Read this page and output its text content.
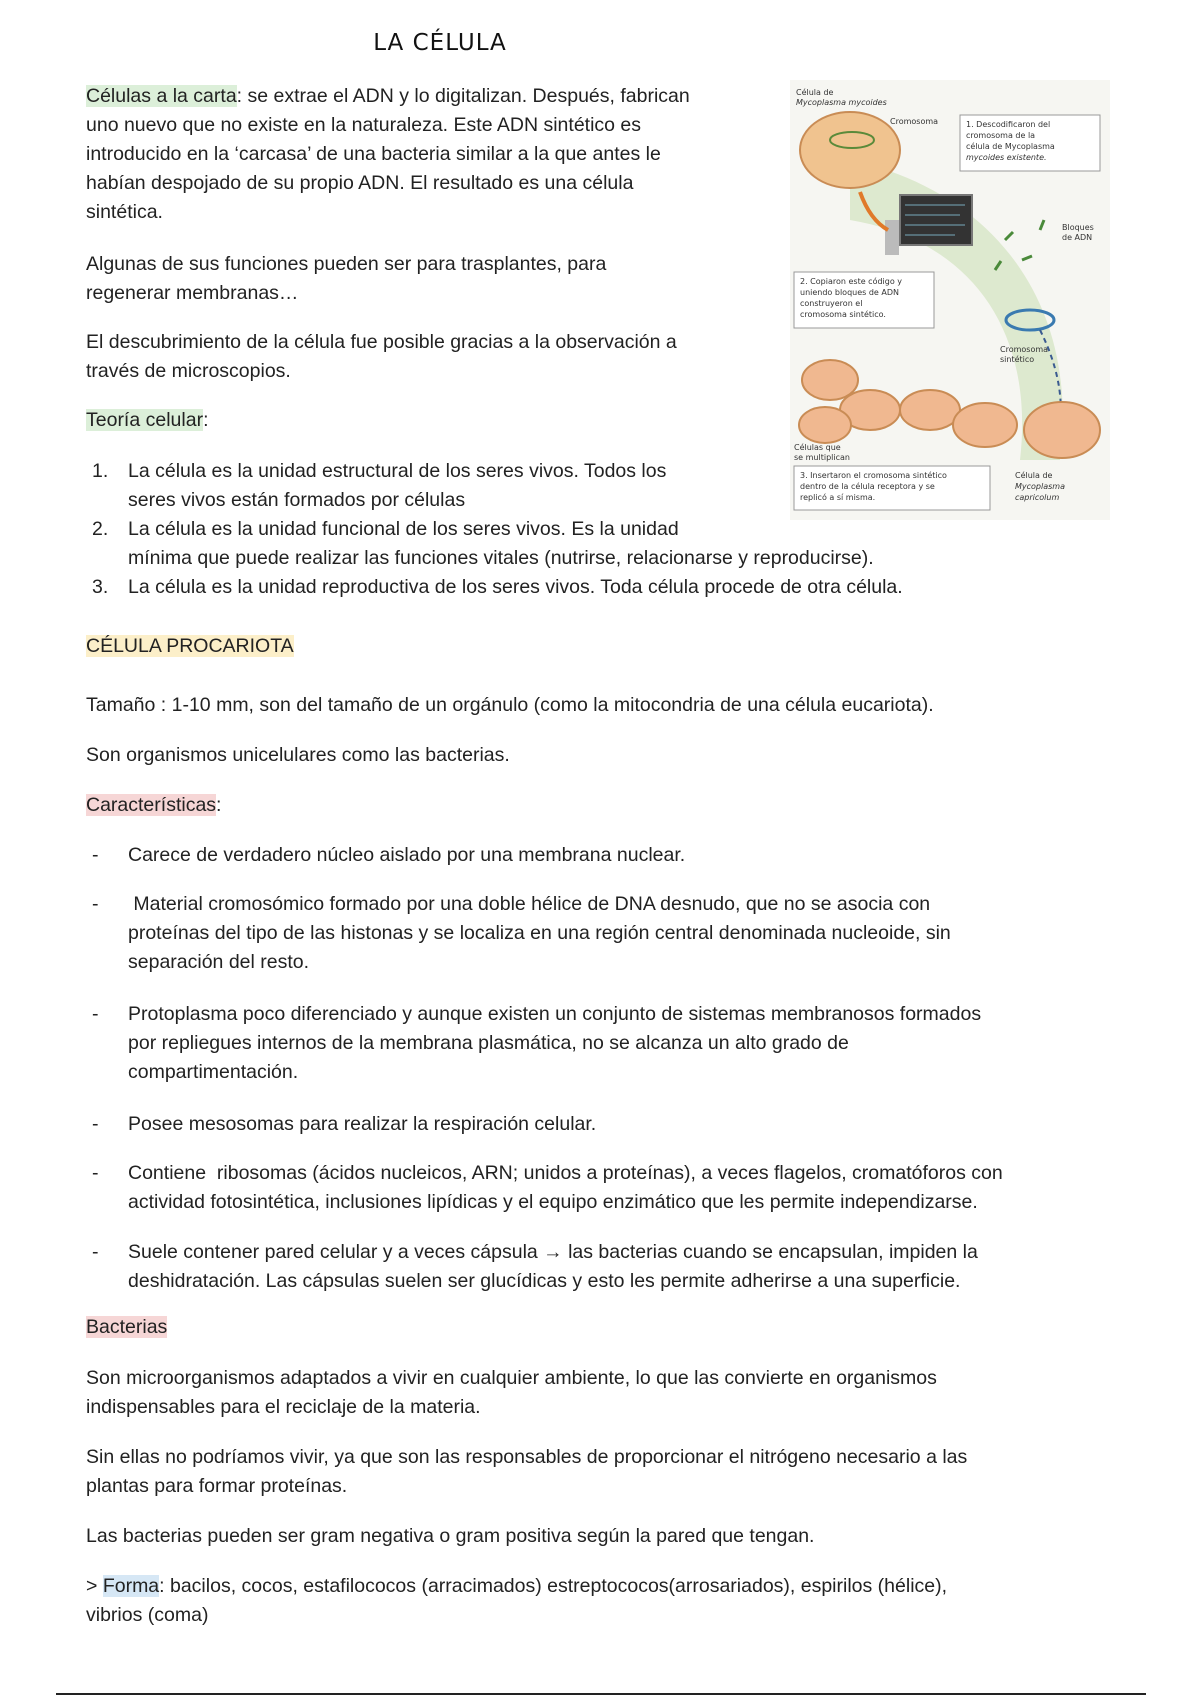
LA CÉLULA
Células a la carta: se extrae el ADN y lo digitalizan. Después, fabrican
uno nuevo que no existe en la naturaleza. Este ADN sintético es
introducido en la ‘carcasa’ de una bacteria similar a la que antes le
habían despojado de su propio ADN. El resultado es una célula
sintética.
Algunas de sus funciones pueden ser para trasplantes, para
regenerar membranas…
El descubrimiento de la célula fue posible gracias a la observación a
través de microscopios.
Teoría celular:
1.	La célula es la unidad estructural de los seres vivos. Todos los
seres vivos están formados por células
2.	La célula es la unidad funcional de los seres vivos. Es la unidad
mínima que puede realizar las funciones vitales (nutrirse, relacionarse y reproducirse).
3.	La célula es la unidad reproductiva de los seres vivos. Toda célula procede de otra célula.
CÉLULA PROCARIOTA
Tamaño : 1-10 mm, son del tamaño de un orgánulo (como la mitocondria de una célula eucariota).
Son organismos unicelulares como las bacterias.
Características:
- Carece de verdadero núcleo aislado por una membrana nuclear.
- Material cromosómico formado por una doble hélice de DNA desnudo, que no se asocia con
proteínas del tipo de las histonas y se localiza en una región central denominada nucleoide, sin
separación del resto.
- Protoplasma poco diferenciado y aunque existen un conjunto de sistemas membranosos formados
por repliegues internos de la membrana plasmática, no se alcanza un alto grado de
compartimentación.
- Posee mesosomas para realizar la respiración celular.
- Contiene  ribosomas (ácidos nucleicos, ARN; unidos a proteínas), a veces flagelos, cromatóforos con
actividad fotosintética, inclusiones lipídicas y el equipo enzimático que les permite independizarse.
- Suele contener pared celular y a veces cápsula → las bacterias cuando se encapsulan, impiden la
deshidratación. Las cápsulas suelen ser glucídicas y esto les permite adherirse a una superficie.
Bacterias
Son microorganismos adaptados a vivir en cualquier ambiente, lo que las convierte en organismos
indispensables para el reciclaje de la materia.
Sin ellas no podríamos vivir, ya que son las responsables de proporcionar el nitrógeno necesario a las
plantas para formar proteínas.
Las bacterias pueden ser gram negativa o gram positiva según la pared que tengan.
> Forma: bacilos, cocos, estafilococos (arracimados) estreptococos(arrosariados), espirilos (hélice),
vibrios (coma)
Célula de
Mycoplasma mycoides
Cromosoma	1. Descodificaron del
cromosoma de la
célula de Mycoplasma
mycoides existente.
Bloques
de ADN
2. Copiaron este código y
uniendo bloques de ADN
construyeron el
cromosoma sintético.
Cromosoma
sintético
Células que
se multiplican
3. Insertaron el cromosoma sintético
dentro de la célula receptora y se
replicó a sí misma.
Célula de
Mycoplasma
capricolum
